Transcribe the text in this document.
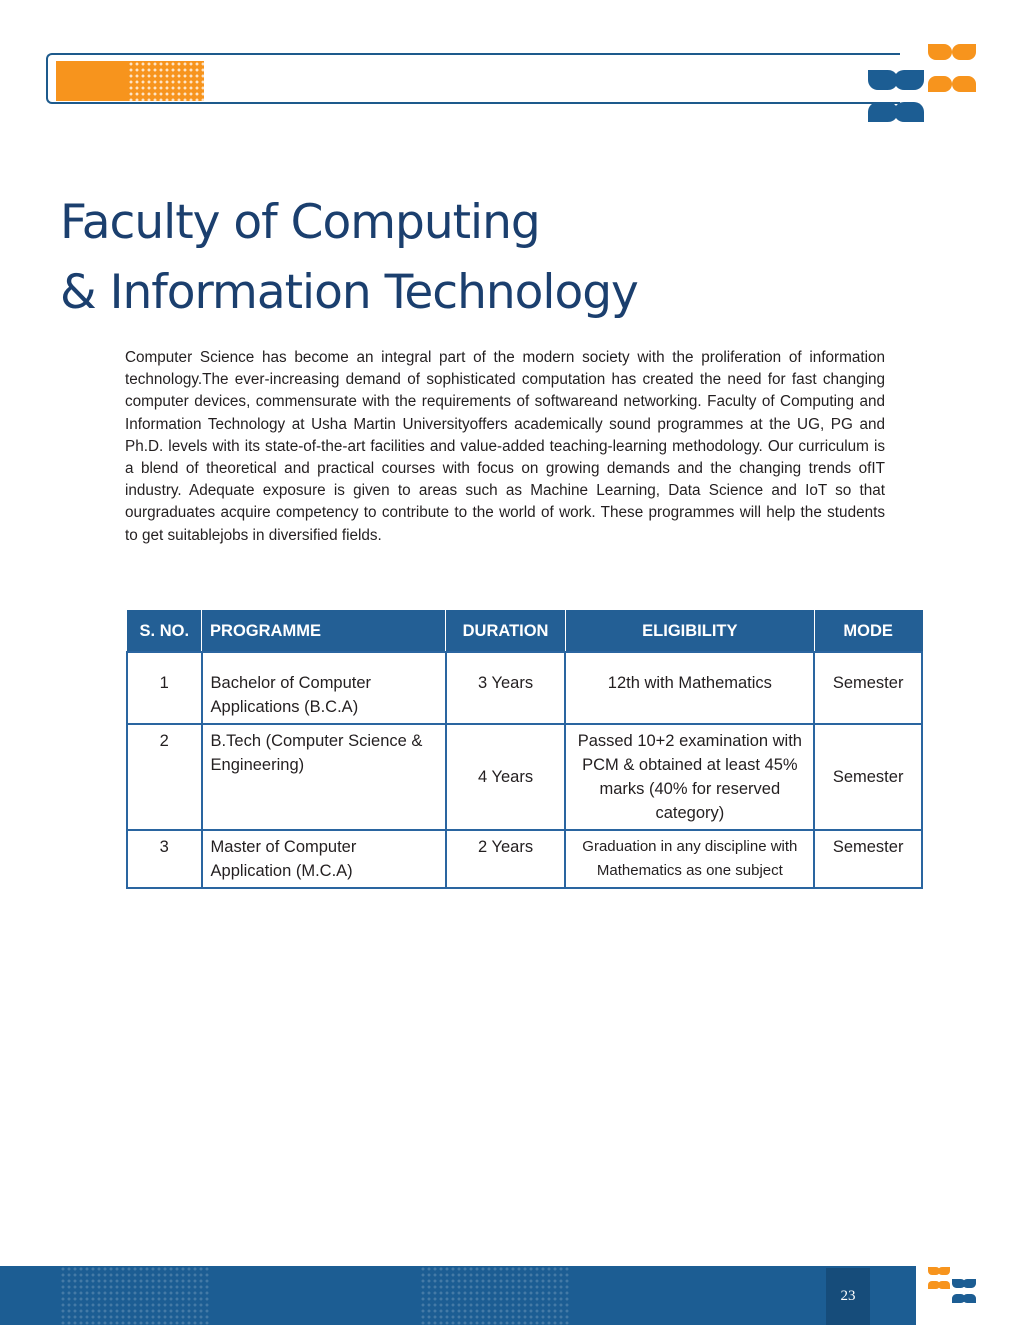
Faculty of Computing
& Information Technology

Computer Science has become an integral part of the modern society with the proliferation of information technology.The ever-increasing demand of sophisticated computation has created the need for fast changing computer devices, commensurate with the requirements of softwareand networking. Faculty of Computing and Information Technology at Usha Martin Universityoffers academically sound programmes at the UG, PG and Ph.D. levels with its state-of-the-art facilities and value-added teaching-learning methodology. Our curriculum is a blend of theoretical and practical courses with focus on growing demands and the changing trends ofIT industry. Adequate exposure is given to areas such as Machine Learning, Data Science and IoT so that ourgraduates acquire competency to contribute to the world of work. These programmes will help the students to get suitablejobs in diversified fields.

S. NO.	PROGRAMME	DURATION	ELIGIBILITY	MODE
1	Bachelor of Computer Applications (B.C.A)	3 Years	12th with Mathematics	Semester
2	B.Tech (Computer Science & Engineering)	4 Years	Passed 10+2 examination with PCM & obtained at least 45% marks (40% for reserved category)	Semester
3	Master of Computer Application (M.C.A)	2 Years	Graduation in any discipline with Mathematics as one subject	Semester
23
